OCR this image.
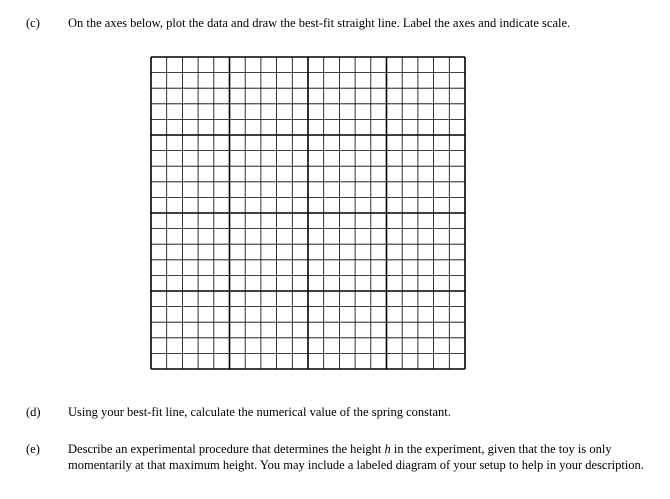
(c) On the axes below, plot the data and draw the best-fit straight line. Label the axes and indicate scale.
(d) Using your best-fit line, calculate the numerical value of the spring constant.
(e) Describe an experimental procedure that determines the height h in the experiment, given that the toy is only momentarily at that maximum height. You may include a labeled diagram of your setup to help in your description.
